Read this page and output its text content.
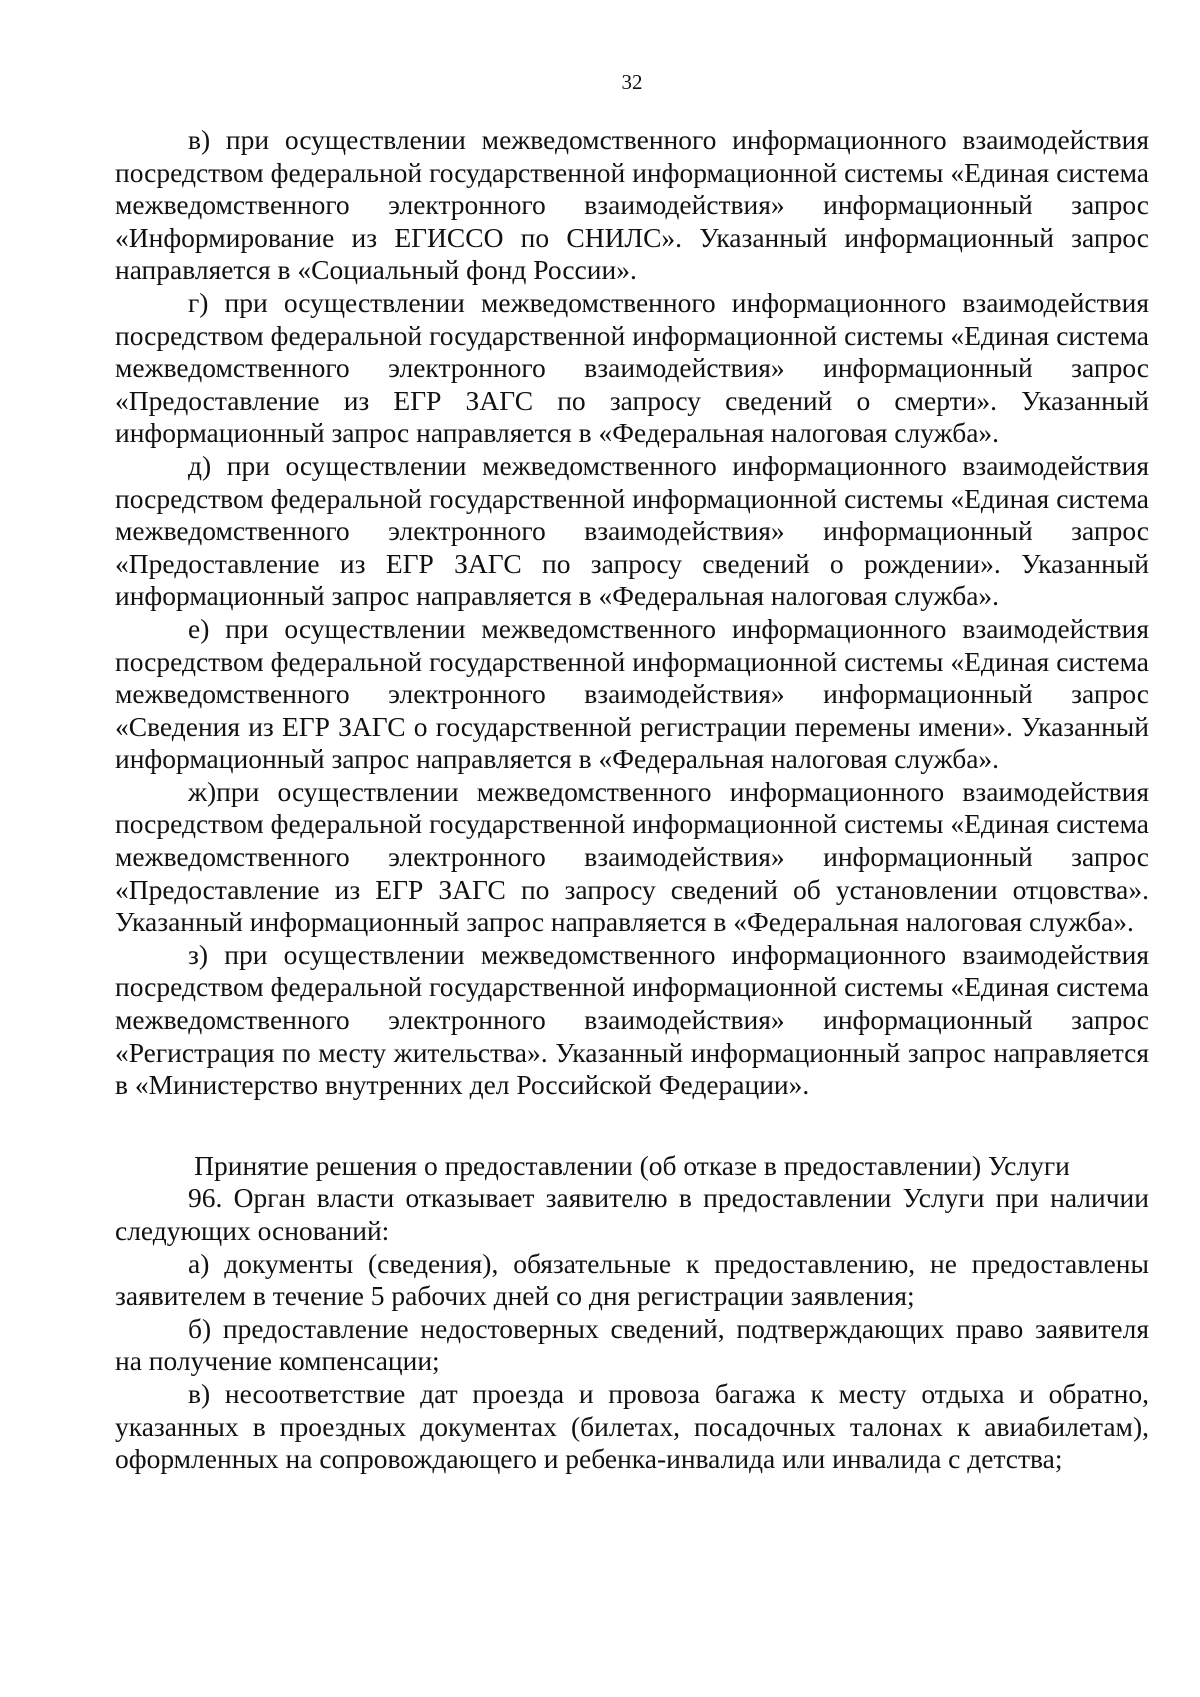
32

в) при осуществлении межведомственного информационного взаимодействия посредством федеральной государственной информационной системы «Единая система межведомственного электронного взаимодействия» информационный запрос «Информирование из ЕГИССО по СНИЛС». Указанный информационный запрос направляется в «Социальный фонд России».

г) при осуществлении межведомственного информационного взаимодействия посредством федеральной государственной информационной системы «Единая система межведомственного электронного взаимодействия» информационный запрос «Предоставление из ЕГР ЗАГС по запросу сведений о смерти». Указанный информационный запрос направляется в «Федеральная налоговая служба».

д) при осуществлении межведомственного информационного взаимодействия посредством федеральной государственной информационной системы «Единая система межведомственного электронного взаимодействия» информационный запрос «Предоставление из ЕГР ЗАГС по запросу сведений о рождении». Указанный информационный запрос направляется в «Федеральная налоговая служба».

е) при осуществлении межведомственного информационного взаимодействия посредством федеральной государственной информационной системы «Единая система межведомственного электронного взаимодействия» информационный запрос «Сведения из ЕГР ЗАГС о государственной регистрации перемены имени». Указанный информационный запрос направляется в «Федеральная налоговая служба».

ж)при осуществлении межведомственного информационного взаимодействия посредством федеральной государственной информационной системы «Единая система межведомственного электронного взаимодействия» информационный запрос «Предоставление из ЕГР ЗАГС по запросу сведений об установлении отцовства». Указанный информационный запрос направляется в «Федеральная налоговая служба».

з) при осуществлении межведомственного информационного взаимодействия посредством федеральной государственной информационной системы «Единая система межведомственного электронного взаимодействия» информационный запрос «Регистрация по месту жительства». Указанный информационный запрос направляется в «Министерство внутренних дел Российской Федерации».

Принятие решения о предоставлении (об отказе в предоставлении) Услуги

96. Орган власти отказывает заявителю в предоставлении Услуги при наличии следующих оснований:

а) документы (сведения), обязательные к предоставлению, не предоставлены заявителем в течение 5 рабочих дней со дня регистрации заявления;

б) предоставление недостоверных сведений, подтверждающих право заявителя на получение компенсации;

в) несоответствие дат проезда и провоза багажа к месту отдыха и обратно, указанных в проездных документах (билетах, посадочных талонах к авиабилетам), оформленных на сопровождающего и ребенка-инвалида или инвалида с детства;
